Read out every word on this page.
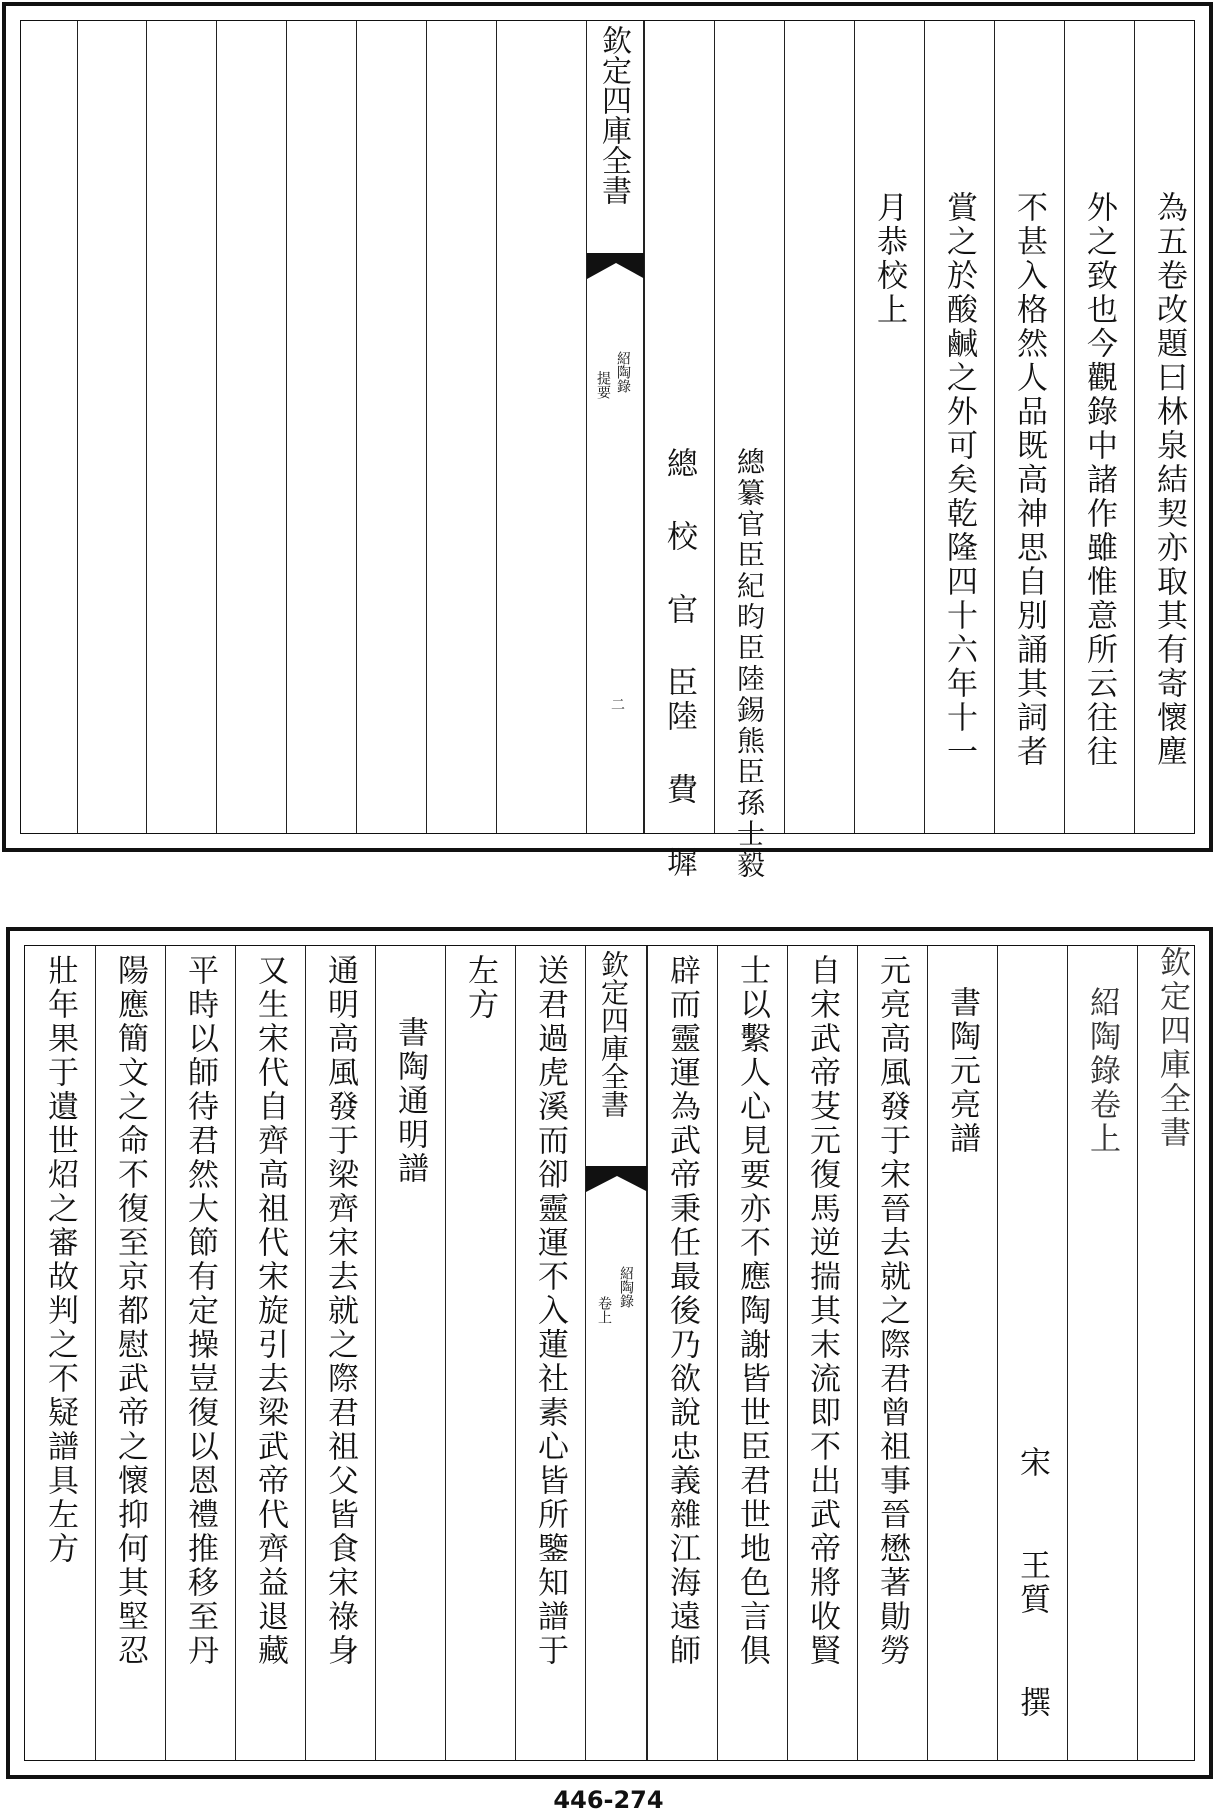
欽定四庫全書
紹陶錄
提要
二	總 校 官 臣陸 費 墀	總纂官臣紀昀臣陸錫熊臣孫士毅
月恭校上	賞之於酸鹹之外可矣乾隆四十六年十一	不甚入格然人品既高神思自別誦其詞者	外之致也今觀錄中諸作雖惟意所云往往	為五卷改題曰林泉結契亦取其有寄懷塵
壯年果于遺世炤之審故判之不疑譜具左方	陽應簡文之命不復至京都慰武帝之懷抑何其堅忍	平時以師待君然大節有定操豈復以恩禮推移至丹	又生宋代自齊高祖代宋旋引去梁武帝代齊益退藏	通明高風發于梁齊宋去就之際君祖父皆食宋祿身	書陶通明譜
左方	送君過虎溪而卻靈運不入蓮社素心皆所鑒知譜于	欽定四庫全書
紹陶錄
卷上	辟而靈運為武帝秉任最後乃欲說忠義雜江海遠師	士以繫人心見要亦不應陶謝皆世臣君世地色言俱	自宋武帝芟元復馬逆揣其末流即不出武帝將收賢	元亮高風發于宋晉去就之際君曾祖事晉懋著勛勞	書陶元亮譜
宋 王質 撰
紹陶錄卷上	欽定四庫全書
446-274
